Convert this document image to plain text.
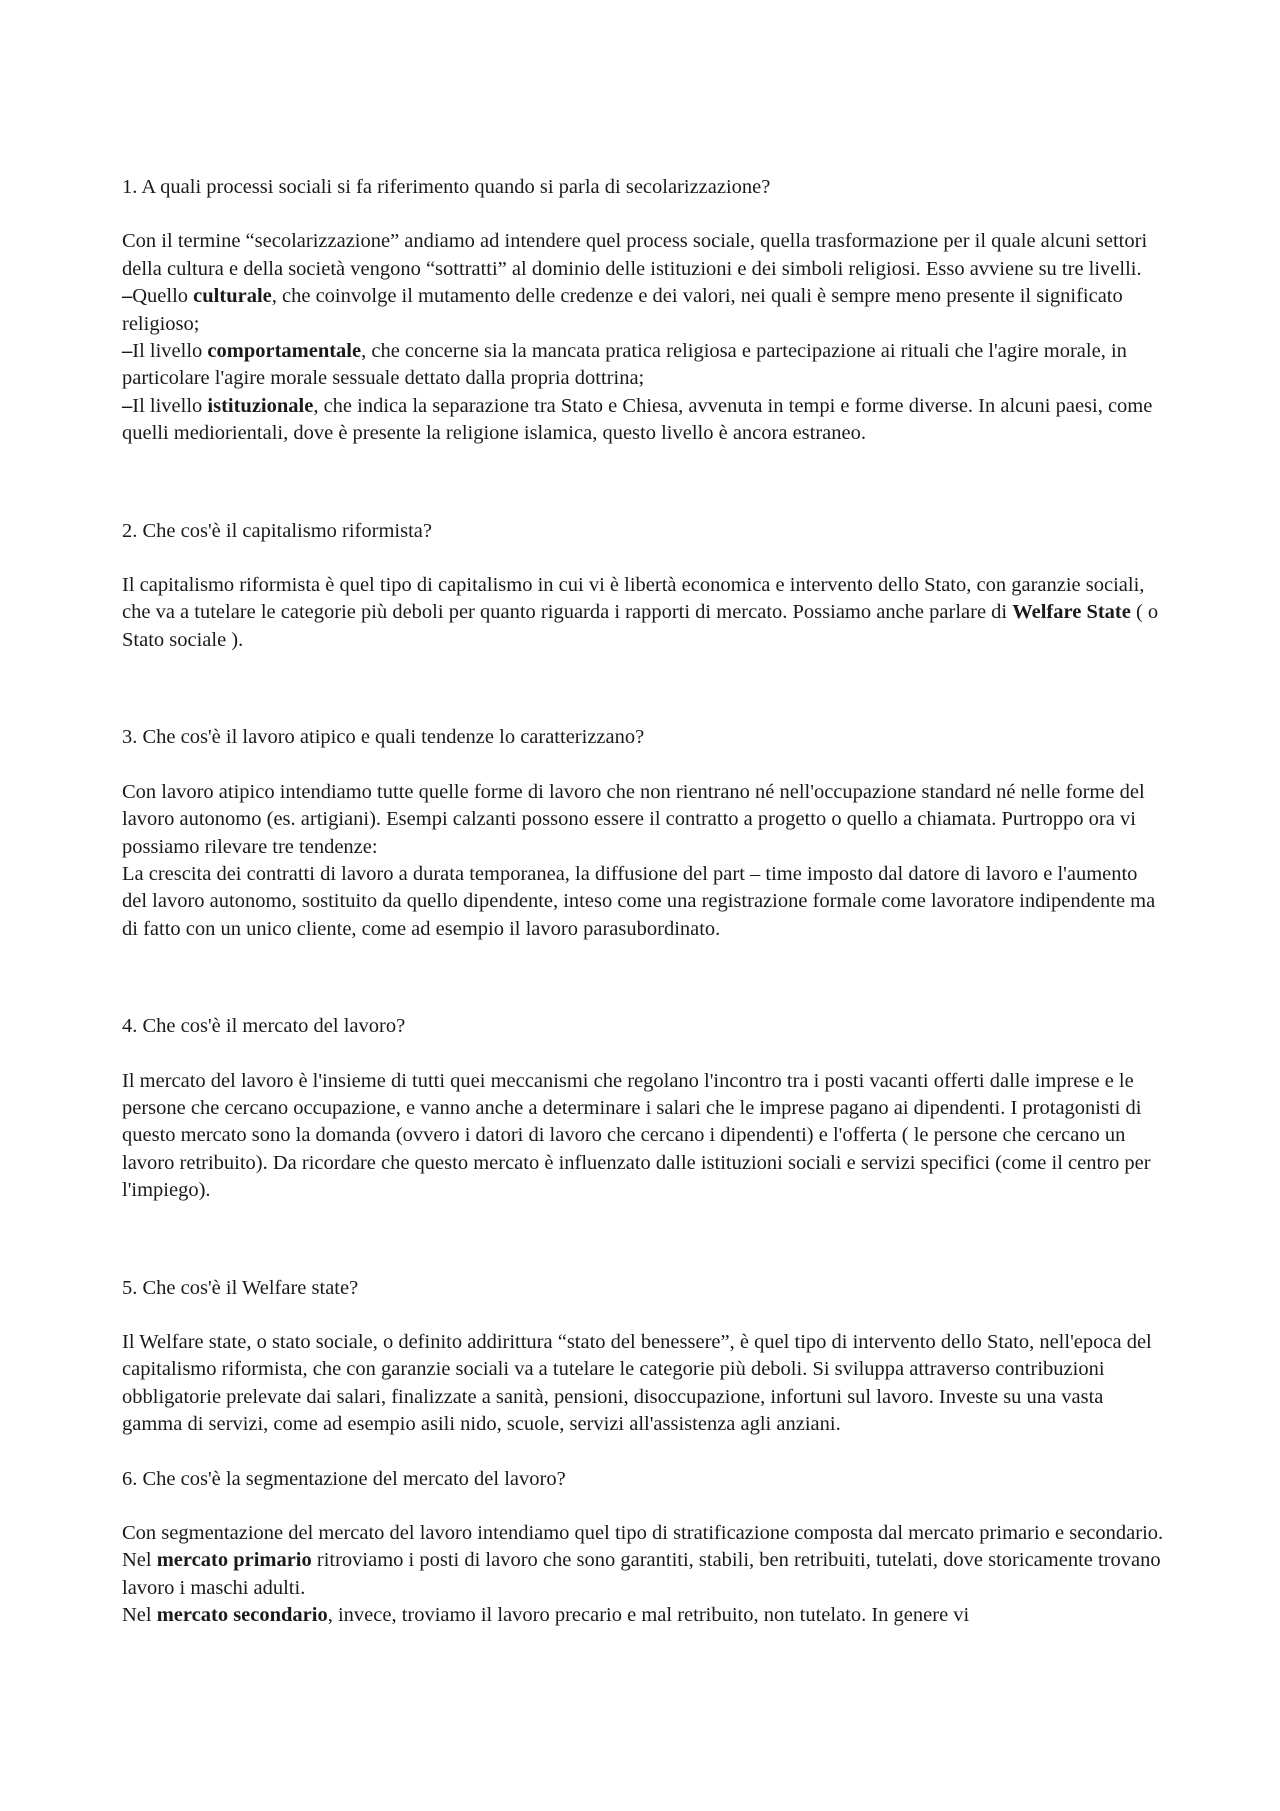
1. A quali processi sociali si fa riferimento quando si parla di secolarizzazione?

Con il termine “secolarizzazione” andiamo ad intendere quel process sociale, quella trasformazione per il quale alcuni settori della cultura e della società vengono “sottratti” al dominio delle istituzioni e dei simboli religiosi. Esso avviene su tre livelli.

–Quello culturale, che coinvolge il mutamento delle credenze e dei valori, nei quali è sempre meno presente il significato religioso;

–Il livello comportamentale, che concerne sia la mancata pratica religiosa e partecipazione ai rituali che l'agire morale, in particolare l'agire morale sessuale dettato dalla propria dottrina;

–Il livello istituzionale, che indica la separazione tra Stato e Chiesa, avvenuta in tempi e forme diverse. In alcuni paesi, come quelli mediorientali, dove è presente la religione islamica, questo livello è ancora estraneo.

2. Che cos'è il capitalismo riformista?

Il capitalismo riformista è quel tipo di capitalismo in cui vi è libertà economica e intervento dello Stato, con garanzie sociali, che va a tutelare le categorie più deboli per quanto riguarda i rapporti di mercato. Possiamo anche parlare di Welfare State ( o Stato sociale ).

3. Che cos'è il lavoro atipico e quali tendenze lo caratterizzano?

Con lavoro atipico intendiamo tutte quelle forme di lavoro che non rientrano né nell'occupazione standard né nelle forme del lavoro autonomo (es. artigiani). Esempi calzanti possono essere il contratto a progetto o quello a chiamata. Purtroppo ora vi possiamo rilevare tre tendenze:

La crescita dei contratti di lavoro a durata temporanea, la diffusione del part – time imposto dal datore di lavoro e l'aumento del lavoro autonomo, sostituito da quello dipendente, inteso come una registrazione formale come lavoratore indipendente ma di fatto con un unico cliente, come ad esempio il lavoro parasubordinato.

4. Che cos'è il mercato del lavoro?

Il mercato del lavoro è l'insieme di tutti quei meccanismi che regolano l'incontro tra i posti vacanti offerti dalle imprese e le persone che cercano occupazione, e vanno anche a determinare i salari che le imprese pagano ai dipendenti. I protagonisti di questo mercato sono la domanda (ovvero i datori di lavoro che cercano i dipendenti) e l'offerta ( le persone che cercano un lavoro retribuito). Da ricordare che questo mercato è influenzato dalle istituzioni sociali e servizi specifici (come il centro per l'impiego).

5. Che cos'è il Welfare state?

Il Welfare state, o stato sociale, o definito addirittura “stato del benessere”, è quel tipo di intervento dello Stato, nell'epoca del capitalismo riformista, che con garanzie sociali va a tutelare le categorie più deboli. Si sviluppa attraverso contribuzioni obbligatorie prelevate dai salari, finalizzate a sanità, pensioni, disoccupazione, infortuni sul lavoro. Investe su una vasta gamma di servizi, come ad esempio asili nido, scuole, servizi all'assistenza agli anziani.

6. Che cos'è la segmentazione del mercato del lavoro?

Con segmentazione del mercato del lavoro intendiamo quel tipo di stratificazione composta dal mercato primario e secondario. Nel mercato primario ritroviamo i posti di lavoro che sono garantiti, stabili, ben retribuiti, tutelati, dove storicamente trovano lavoro i maschi adulti.

Nel mercato secondario, invece, troviamo il lavoro precario e mal retribuito, non tutelato. In genere vi
